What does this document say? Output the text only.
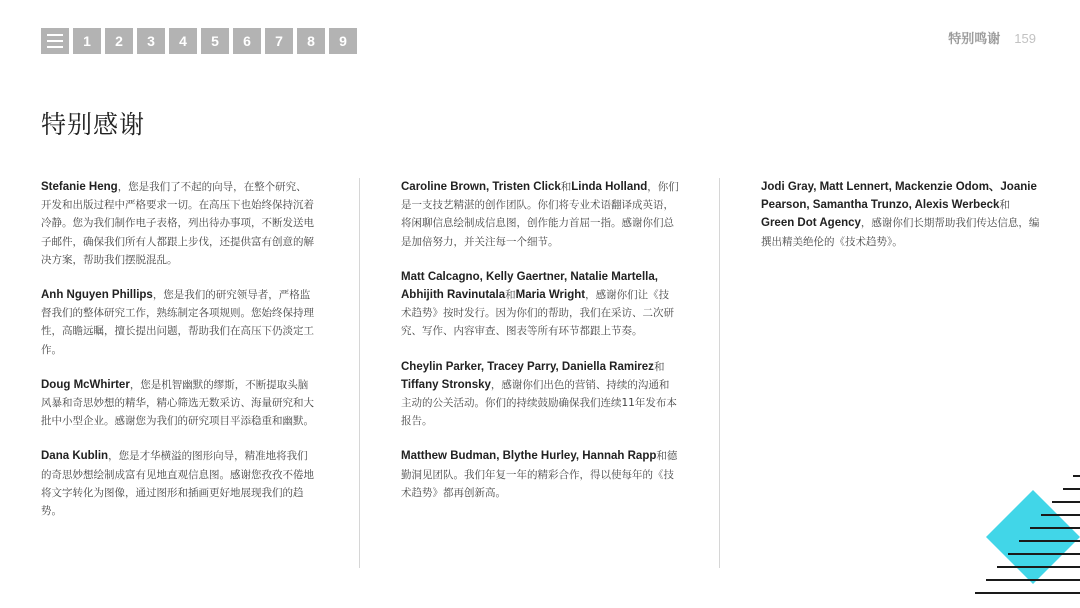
1	2	3	4	5	6	7	8	9	特别鸣谢 159
特别感谢

Stefanie Heng，您是我们了不起的向导，在整个研究、开发和出版过程中严格要求一切。在高压下也始终保持沉着冷静。您为我们制作电子表格，列出待办事项，不断发送电子邮件，确保我们所有人都跟上步伐，还提供富有创意的解决方案，帮助我们摆脱混乱。

Anh Nguyen Phillips，您是我们的研究领导者，严格监督我们的整体研究工作，熟练制定各项规则。您始终保持理性，高瞻远瞩，擅长提出问题，帮助我们在高压下仍淡定工作。

Doug McWhirter，您是机智幽默的缪斯，不断提取头脑风暴和奇思妙想的精华，精心筛选无数采访、海量研究和大批中小型企业。感谢您为我们的研究项目平添稳重和幽默。

Dana Kublin，您是才华横溢的图形向导，精准地将我们的奇思妙想绘制成富有见地直观信息图。感谢您孜孜不倦地将文字转化为图像，通过图形和插画更好地展现我们的趋势。

Caroline Brown, Tristen Click和Linda Holland，你们是一支技艺精湛的创作团队。你们将专业术语翻译成英语，将闲聊信息绘制成信息图，创作能力首屈一指。感谢你们总是加倍努力，并关注每一个细节。

Matt Calcagno, Kelly Gaertner, Natalie Martella, Abhijith Ravinutala和Maria Wright，感谢你们让《技术趋势》按时发行。因为你们的帮助，我们在采访、二次研究、写作、内容审查、图表等所有环节都跟上节奏。

Cheylin Parker, Tracey Parry, Daniella Ramirez和Tiffany Stronsky，感谢你们出色的营销、持续的沟通和主动的公关活动。你们的持续鼓励确保我们连续11年发布本报告。

Matthew Budman, Blythe Hurley, Hannah Rapp和德勤洞见团队。我们年复一年的精彩合作，得以使每年的《技术趋势》都再创新高。

Jodi Gray, Matt Lennert, Mackenzie Odom、Joanie Pearson, Samantha Trunzo, Alexis Werbeck和Green Dot Agency，感谢你们长期帮助我们传达信息，编撰出精美绝伦的《技术趋势》。
